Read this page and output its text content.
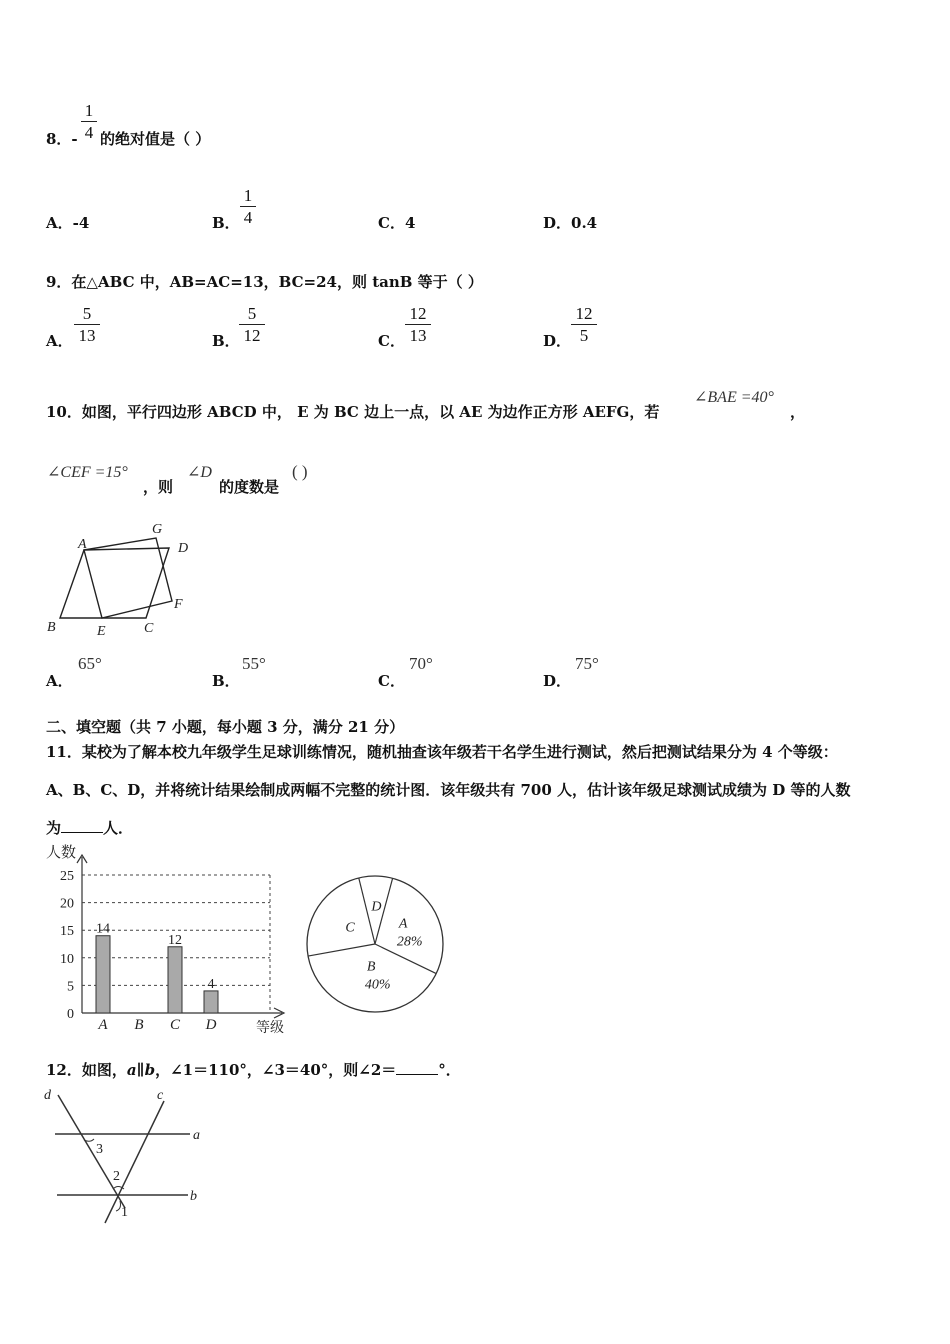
8．-
1
4 的绝对值是（ ）
A．-4	B．
1
4	C．4	D．0.4
9．在△ABC 中，AB=AC=13，BC=24，则 tanB 等于（ ）
A．
5
13	B．
5
12	C．
12
13	D．
12
5
10．如图，平行四边形 ABCD 中， E 为 BC 边上一点，以 AE 为边作正方形 AEFG，若
∠BAE =40°
，
∠CEF =15°
，则
∠D
的度数是
( )
A
G
D
F
B	E	C
A．
65°
B．
55°
C．
70°
D．
75°
二、填空题（共 7 小题，每小题 3 分，满分 21 分）
11．某校为了解本校九年级学生足球训练情况，随机抽查该年级若干名学生进行测试，然后把测试结果分为 4 个等级：
A、B、C、D，并将统计结果绘制成两幅不完整的统计图．该年级共有 700 人，估计该年级足球测试成绩为 D 等的人数
为	人．
人数
等级
0
5
10
15
20
25
14
A B
12
C
4
D
A
28%
B
40%
C
D
12．如图，a∥b，∠1＝110°，∠3＝40°，则∠2＝	°．
d	c
a
b
3
2
1
